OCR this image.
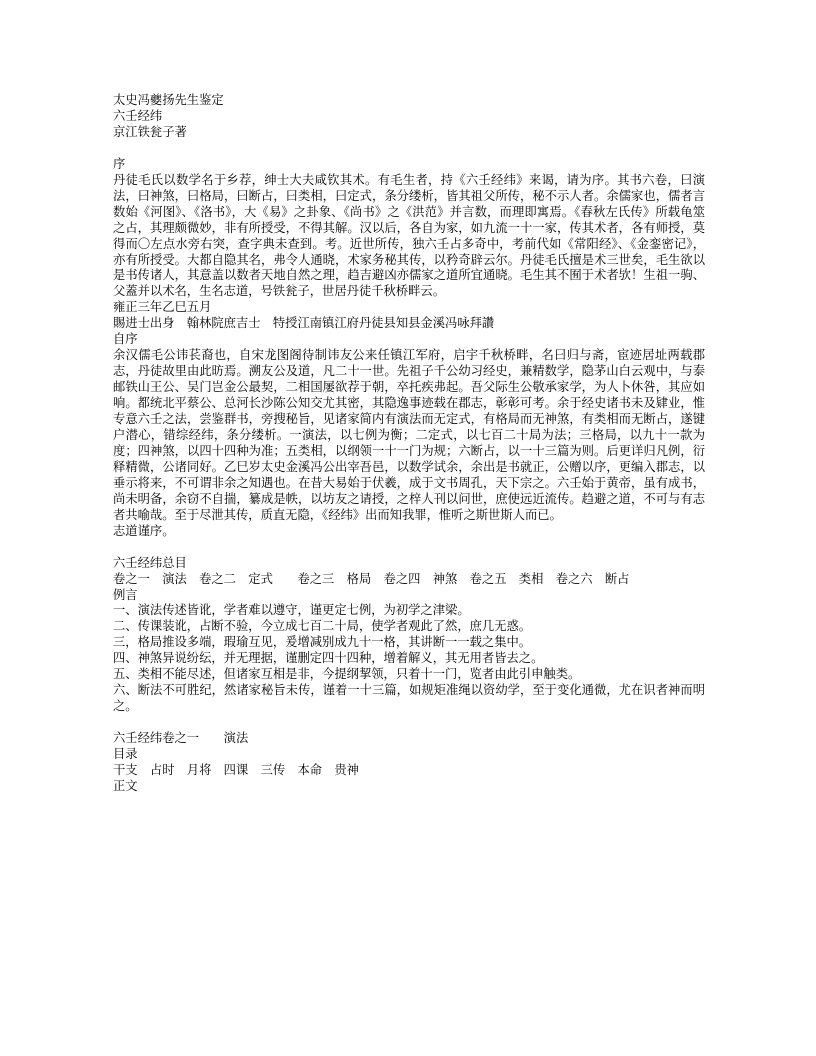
太史冯夔扬先生鉴定
六壬经纬
京江铁瓮子著

序

丹徒毛氏以数学名于乡荐，绅士大夫咸钦其术。有毛生者，持《六壬经纬》来谒，请为序。其书六卷，曰演法，曰神煞，曰格局，曰断占，曰类相，曰定式，条分缕析，皆其祖父所传，秘不示人者。余儒家也，儒者言数始《河图》、《洛书》，大《易》之卦象、《尚书》之《洪范》并言数，而理即寓焉。《春秋左氏传》所载龟筮之占，其理颇微妙，非有所授受，不得其解。汉以后，各自为家，如九流一十一家，传其术者，各有师授，莫得而〇左点水旁右突，查字典未查到。考。近世所传，独六壬占多奇中，考前代如《常阳经》、《金銮密记》，亦有所授受。大都自隐其名，弗令人通晓，术家务秘其传，以矜奇辟云尔。丹徒毛氏擅是术三世矣，毛生欲以是书传诸人，其意盖以数者天地自然之理，趋吉避凶亦儒家之道所宜通晓。毛生其不囿于术者欤！生祖一驹、父蓋并以术名，生名志道，号铁瓮子，世居丹徒千秋桥畔云。

雍正三年乙巳五月
賜进士出身　翰林院庶吉士　特授江南镇江府丹徒县知县金溪冯咏拜讚
自序

余汉儒毛公讳苌裔也，自宋龙图阁待制讳友公来任镇江军府，启宇千秋桥畔，名曰归与斋，宦迹居址两载郡志，丹徒故里由此昉焉。溯友公及道，凡二十一世。先祖子千公幼习经史，兼精数学，隐茅山白云观中，与泰邮铁山王公、吴门岂金公最契，二相国屡欲荐于朝，卒托疾弗起。吾父际生公敬承家学，为人卜休咎，其应如响。都统北平蔡公、总河长沙陈公知交尤其密，其隐逸事迹载在郡志，彰彰可考。余于经史诸书未及肄业，惟专意六壬之法，尝鉴群书，旁搜秘旨，见诸家简内有演法而无定式，有格局而无神煞，有类相而无断占，遂键户潜心，错综经纬，条分缕析。一演法，以七例为衡；二定式，以七百二十局为法；三格局，以九十一款为度；四神煞，以四十四种为准；五类相，以纲领一十一门为规；六断占，以一十三篇为则。后更详归凡例，衍释精微，公诸同好。乙巳岁太史金溪冯公出宰吾邑，以数学试余，余出是书就正，公赠以序，更编入郡志，以垂示将来，不可谓非余之知遇也。在昔大易始于伏羲，成于文书周孔，天下宗之。六壬始于黄帝，虽有成书，尚未明备，余窃不自揣，纂成是帙，以坊友之请授，之梓人刊以问世，庶使远近流传。趋避之道，不可与有志者共喻哉。至于尽泄其传，质直无隐，《经纬》出而知我罪，惟听之斯世斯人而已。

志道谨序。

六壬经纬总目
卷之一　演法　卷之二　定式　　卷之三　格局　卷之四　神煞　卷之五　类相　卷之六　断占
例言

一、演法传述皆讹，学者难以遵守，谨更定七例，为初学之津梁。

二、传课装讹，占断不验，今立成七百二十局，使学者观此了然，庶几无惑。

三，格局推设多端，瑕瑜互见，爰增减别成九十一格，其讲断一一载之集中。

四、神煞异说纷纭，并无理据，谨删定四十四种，增着解义，其无用者皆去之。

五、类相不能尽述，但诸家互相是非，今提纲挈领，只着十一门，览者由此引申触类。

六、断法不可胜纪，然诸家秘旨未传，谨着一十三篇，如规矩准绳以资幼学，至于变化通微，尤在识者神而明之。

六壬经纬卷之一　　演法
目录
干支　占时　月将　四课　三传　本命　贵神
正文
